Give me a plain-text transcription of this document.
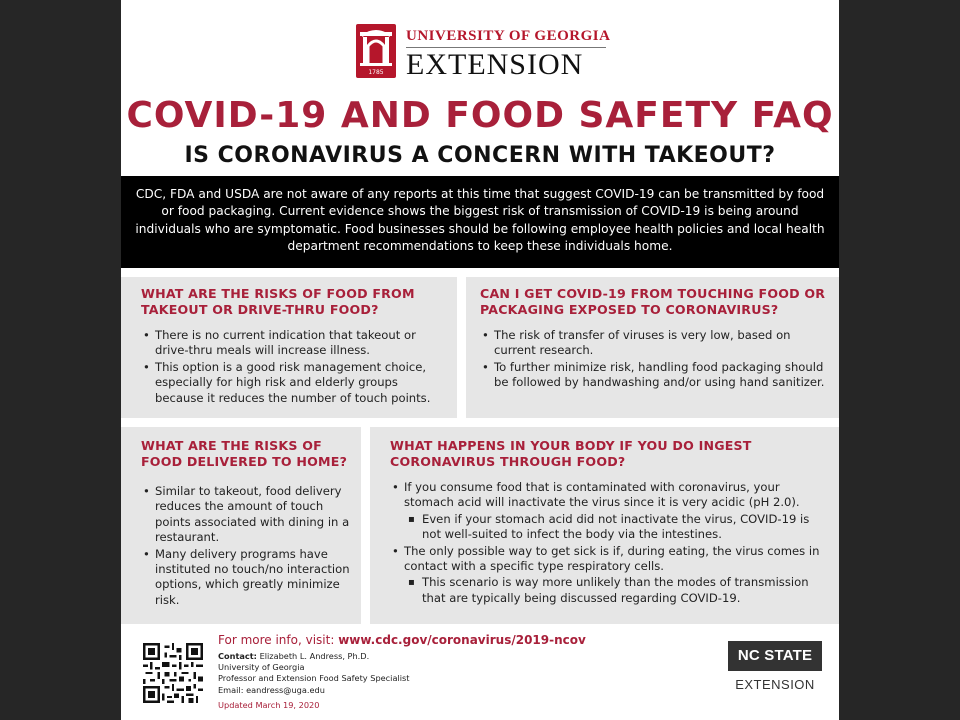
1785
UNIVERSITY OF GEORGIA
EXTENSION
COVID-19 AND FOOD SAFETY FAQ
IS CORONAVIRUS A CONCERN WITH TAKEOUT?
CDC, FDA and USDA are not aware of any reports at this time that suggest COVID-19 can be transmitted by food or food packaging. Current evidence shows the biggest risk of transmission of COVID-19 is being around individuals who are symptomatic. Food businesses should be following employee health policies and local health department recommendations to keep these individuals home.
WHAT ARE THE RISKS OF FOOD FROM TAKEOUT OR DRIVE-THRU FOOD?
• There is no current indication that takeout or drive-thru meals will increase illness.
• This option is a good risk management choice, especially for high risk and elderly groups because it reduces the number of touch points.
CAN I GET COVID-19 FROM TOUCHING FOOD OR PACKAGING EXPOSED TO CORONAVIRUS?
• The risk of transfer of viruses is very low, based on current research.
• To further minimize risk, handling food packaging should be followed by handwashing and/or using hand sanitizer.
WHAT ARE THE RISKS OF FOOD DELIVERED TO HOME?
• Similar to takeout, food delivery reduces the amount of touch points associated with dining in a restaurant.
• Many delivery programs have instituted no touch/no interaction options, which greatly minimize risk.
WHAT HAPPENS IN YOUR BODY IF YOU DO INGEST CORONAVIRUS THROUGH FOOD?
• If you consume food that is contaminated with coronavirus, your stomach acid will inactivate the virus since it is very acidic (pH 2.0).
▪ Even if your stomach acid did not inactivate the virus, COVID-19 is not well-suited to infect the body via the intestines.
• The only possible way to get sick is if, during eating, the virus comes in contact with a specific type respiratory cells.
▪ This scenario is way more unlikely than the modes of transmission that are typically being discussed regarding COVID-19.
For more info, visit: www.cdc.gov/coronavirus/2019-ncov
Contact: Elizabeth L. Andress, Ph.D.
University of Georgia
Professor and Extension Food Safety Specialist
Email: eandress@uga.edu
Updated March 19, 2020
NC STATE
EXTENSION
